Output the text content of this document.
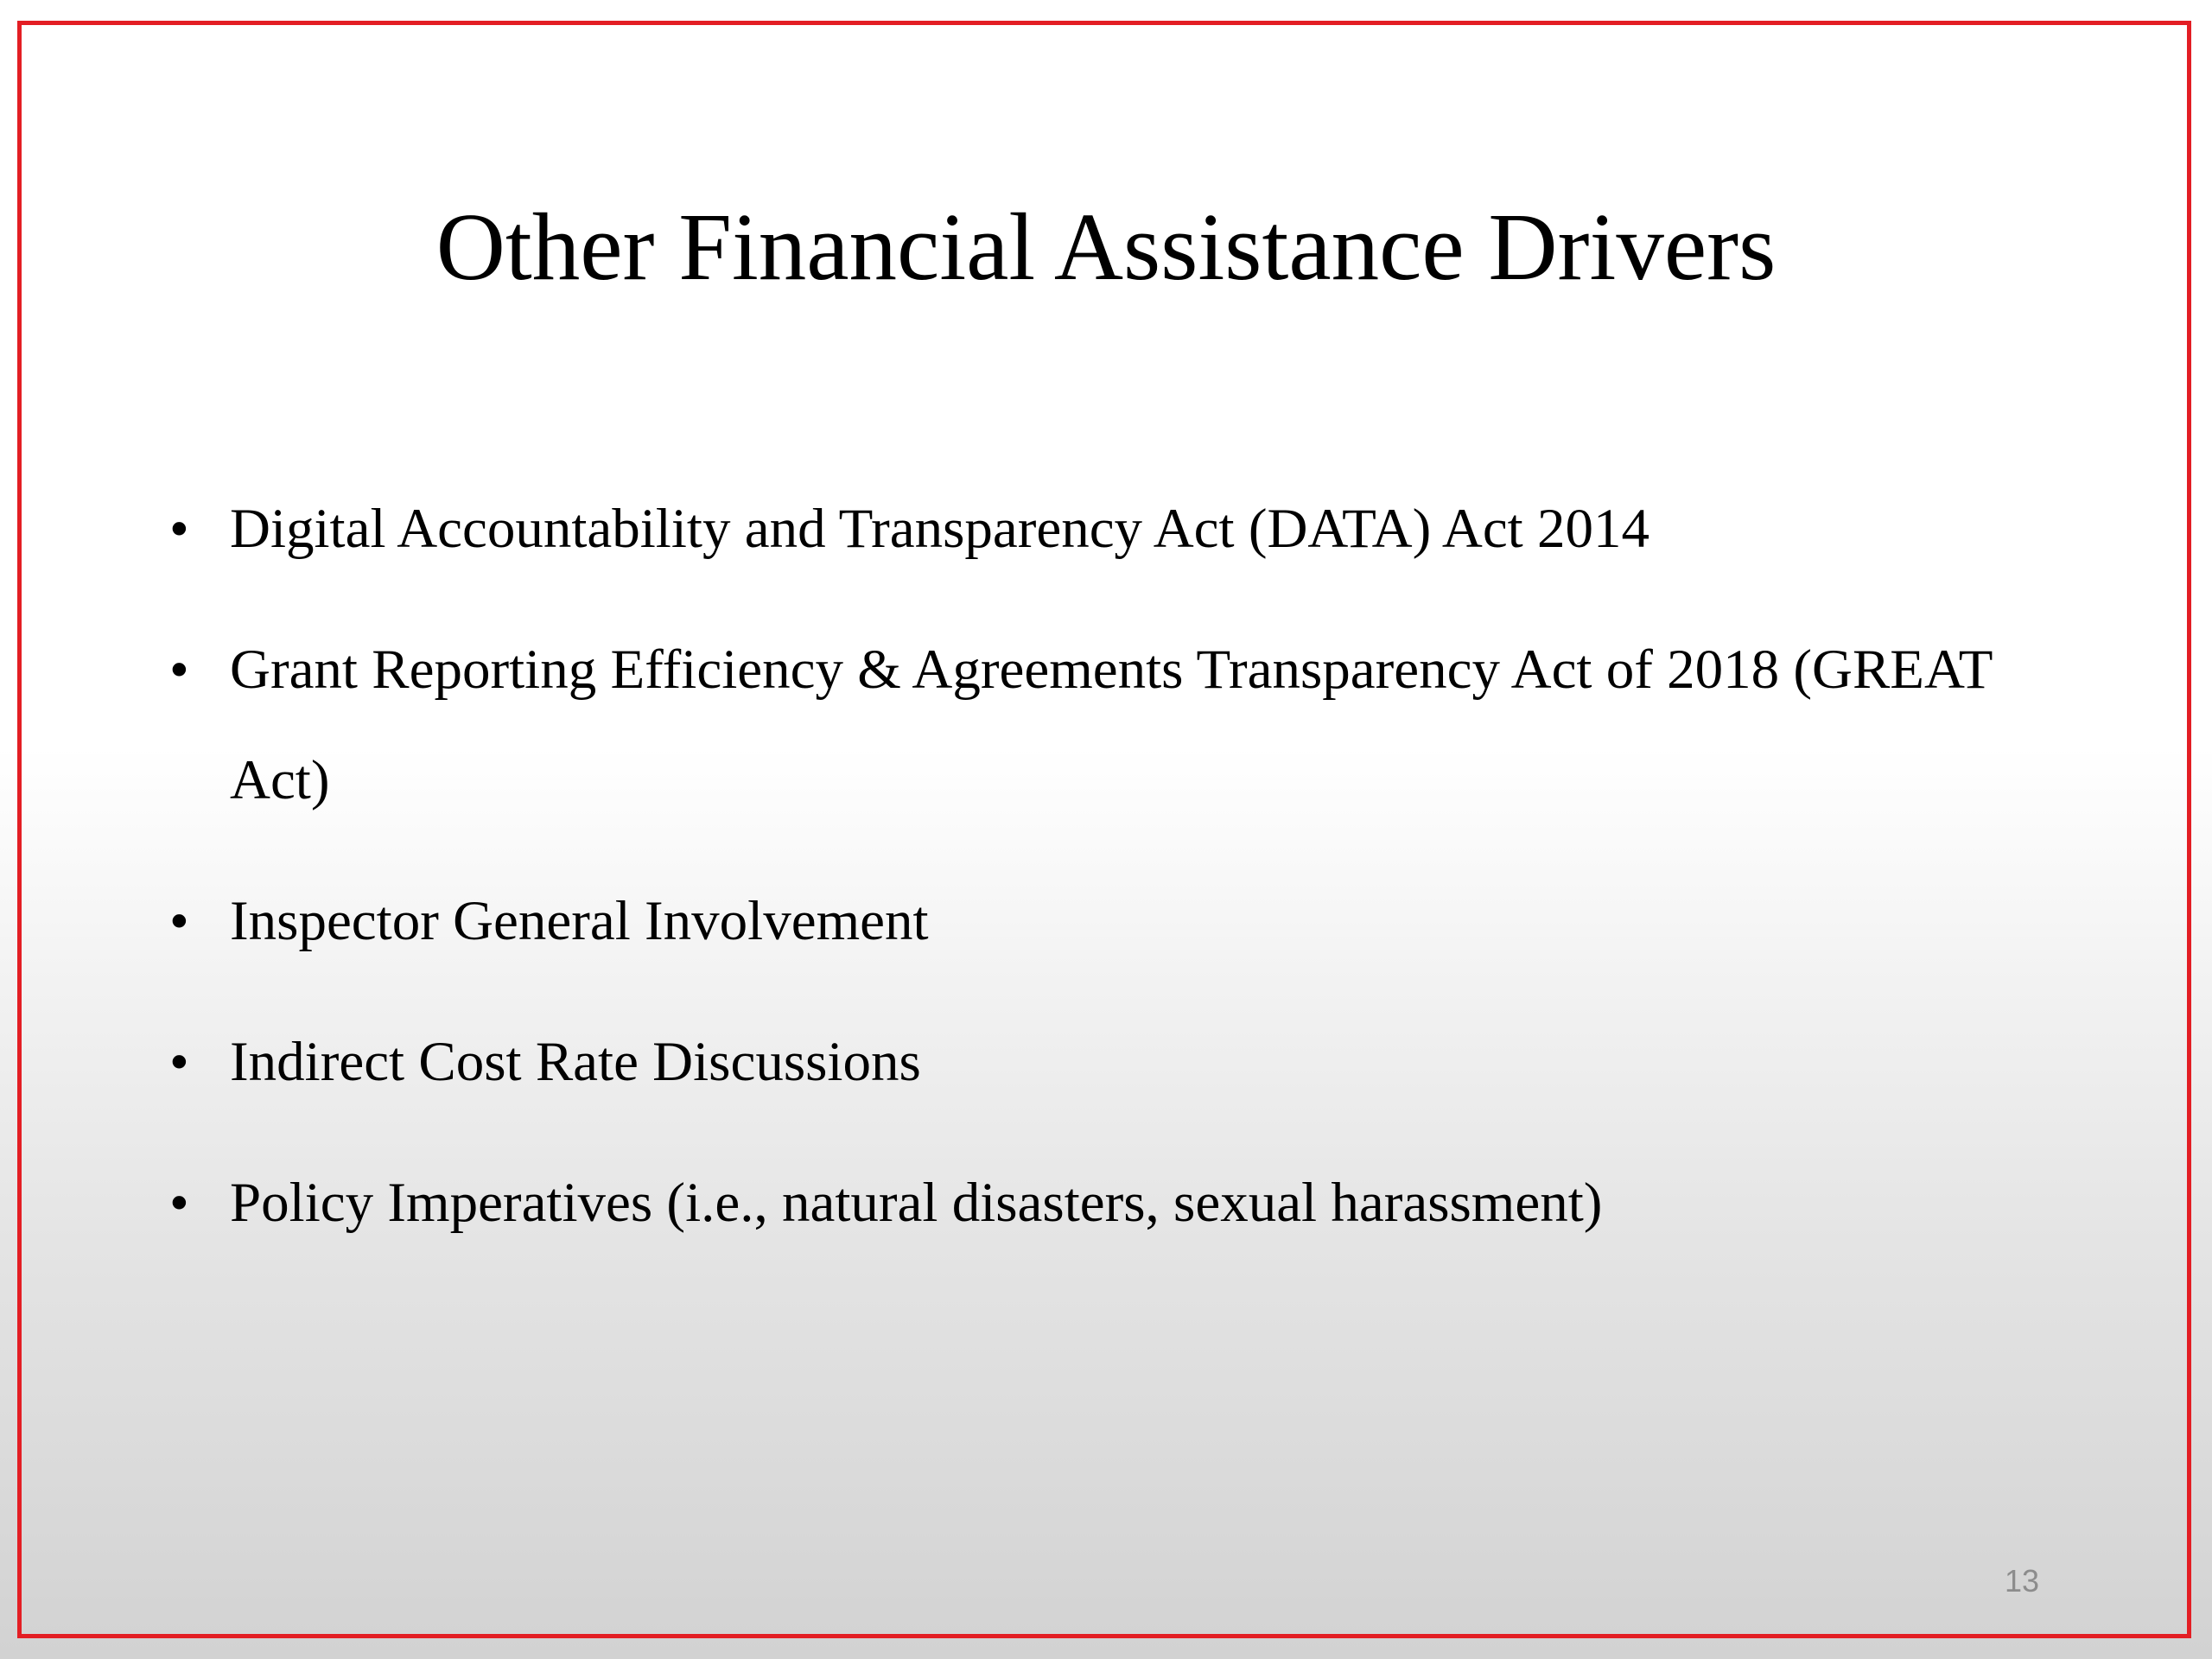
Other Financial Assistance Drivers
• Digital Accountability and Transparency Act (DATA) Act 2014
• Grant Reporting Efficiency & Agreements Transparency Act of 2018 (GREAT Act)
• Inspector General Involvement
• Indirect Cost Rate Discussions
• Policy Imperatives (i.e., natural disasters, sexual harassment)
13
